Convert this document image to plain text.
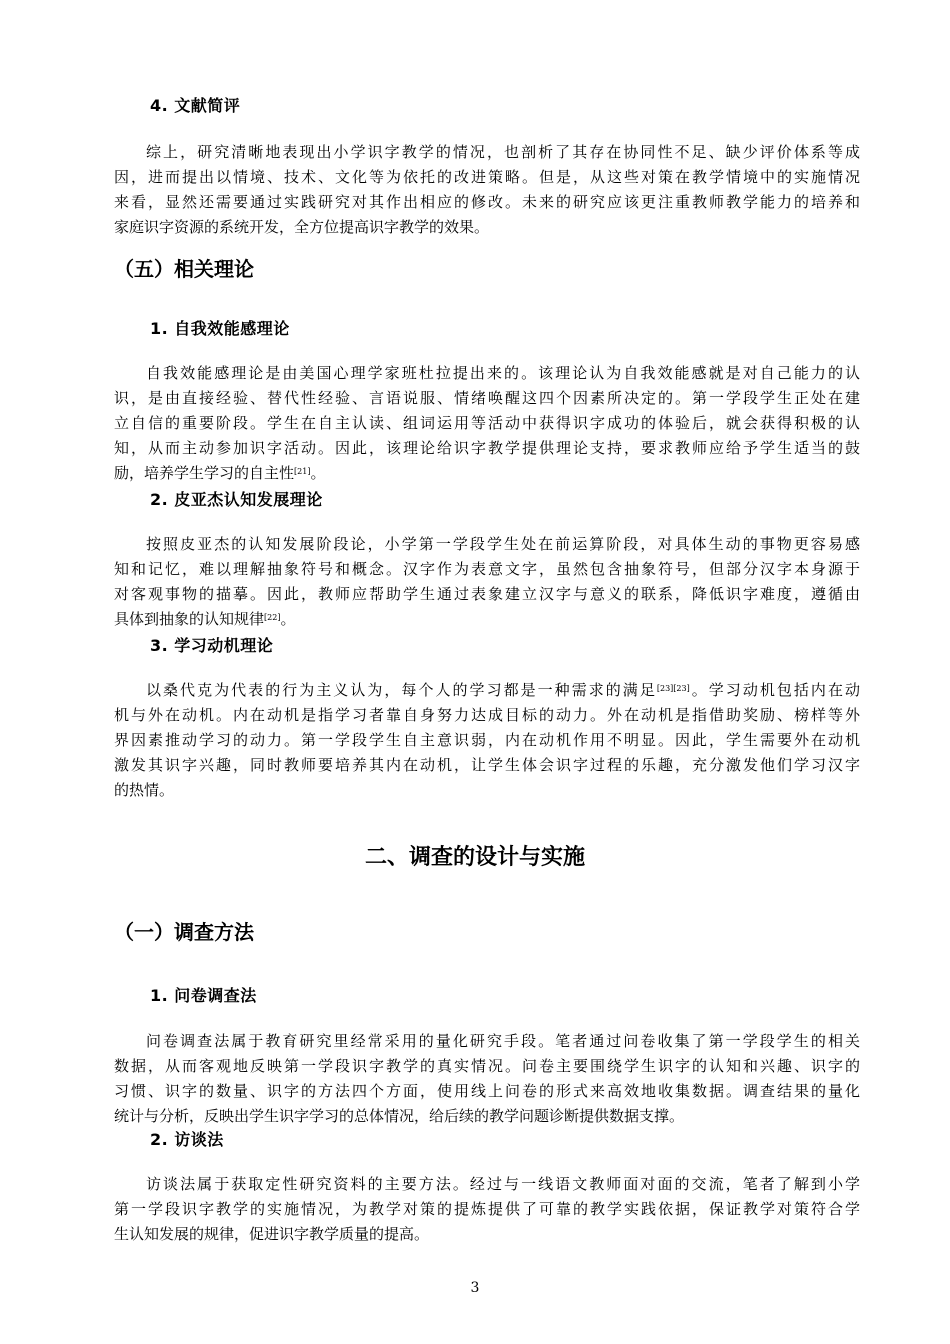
4. 文献简评
综上，研究清晰地表现出小学识字教学的情况，也剖析了其存在协同性不足、缺少评价体系等成
因，进而提出以情境、技术、文化等为依托的改进策略。但是，从这些对策在教学情境中的实施情况
来看，显然还需要通过实践研究对其作出相应的修改。未来的研究应该更注重教师教学能力的培养和
家庭识字资源的系统开发，全方位提高识字教学的效果。
（五）相关理论
1. 自我效能感理论
自我效能感理论是由美国心理学家班杜拉提出来的。该理论认为自我效能感就是对自己能力的认
识，是由直接经验、替代性经验、言语说服、情绪唤醒这四个因素所决定的。第一学段学生正处在建
立自信的重要阶段。学生在自主认读、组词运用等活动中获得识字成功的体验后，就会获得积极的认
知，从而主动参加识字活动。因此，该理论给识字教学提供理论支持，要求教师应给予学生适当的鼓
励，培养学生学习的自主性[21]。
2. 皮亚杰认知发展理论
按照皮亚杰的认知发展阶段论，小学第一学段学生处在前运算阶段，对具体生动的事物更容易感
知和记忆，难以理解抽象符号和概念。汉字作为表意文字，虽然包含抽象符号，但部分汉字本身源于
对客观事物的描摹。因此，教师应帮助学生通过表象建立汉字与意义的联系，降低识字难度，遵循由
具体到抽象的认知规律[22]。
3. 学习动机理论
以桑代克为代表的行为主义认为，每个人的学习都是一种需求的满足[23][23]。学习动机包括内在动
机与外在动机。内在动机是指学习者靠自身努力达成目标的动力。外在动机是指借助奖励、榜样等外
界因素推动学习的动力。第一学段学生自主意识弱，内在动机作用不明显。因此，学生需要外在动机
激发其识字兴趣，同时教师要培养其内在动机，让学生体会识字过程的乐趣，充分激发他们学习汉字
的热情。
二、调查的设计与实施
（一）调查方法
1. 问卷调查法
问卷调查法属于教育研究里经常采用的量化研究手段。笔者通过问卷收集了第一学段学生的相关
数据，从而客观地反映第一学段识字教学的真实情况。问卷主要围绕学生识字的认知和兴趣、识字的
习惯、识字的数量、识字的方法四个方面，使用线上问卷的形式来高效地收集数据。调查结果的量化
统计与分析，反映出学生识字学习的总体情况，给后续的教学问题诊断提供数据支撑。
2. 访谈法
访谈法属于获取定性研究资料的主要方法。经过与一线语文教师面对面的交流，笔者了解到小学
第一学段识字教学的实施情况，为教学对策的提炼提供了可靠的教学实践依据，保证教学对策符合学
生认知发展的规律，促进识字教学质量的提高。
3
